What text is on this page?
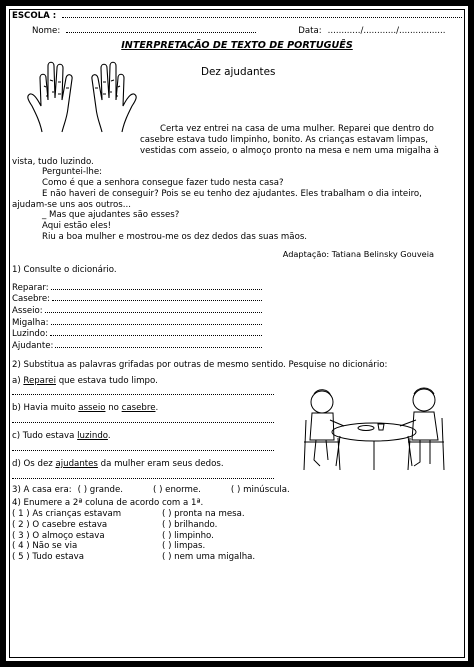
ESCOLA :
Nome:	Data: ............/............/.................
INTERPRETAÇÃO DE TEXTO DE PORTUGUÊS
Dez ajudantes

Certa vez entrei na casa de uma mulher. Reparei que dentro do

casebre estava tudo limpinho, bonito. As crianças estavam limpas,

vestidas com asseio, o almoço pronto na mesa e nem uma migalha à

vista, tudo luzindo.

Perguntei-lhe:

Como é que a senhora consegue fazer tudo nesta casa?

E não haveri de conseguir? Pois se eu tenho dez ajudantes. Eles trabalham o dia inteiro,

ajudam-se uns aos outros...

_ Mas que ajudantes são esses?

Aqui estão eles!

Riu a boa mulher e mostrou-me os dez dedos das suas mãos.

Adaptação: Tatiana Belinsky Gouveia
1) Consulte o dicionário.
Reparar:
Casebre:
Asseio:
Migalha:
Luzindo:
Ajudante:
2) Substitua as palavras grifadas por outras de mesmo sentido. Pesquise no dicionário:
a) Reparei que estava tudo limpo.
b) Havia muito asseio no casebre.
c) Tudo estava luzindo.
d) Os dez ajudantes da mulher eram seus dedos.
3) A casa era: ( ) grande.	( ) enorme.	( ) minúscula.
4) Enumere a 2ª coluna de acordo com a 1ª.
( 1 ) As crianças estavam	( ) pronta na mesa.
( 2 ) O casebre estava	( ) brilhando.
( 3 ) O almoço estava	( ) limpinho.
( 4 ) Não se via	( ) limpas.
( 5 ) Tudo estava	( ) nem uma migalha.
